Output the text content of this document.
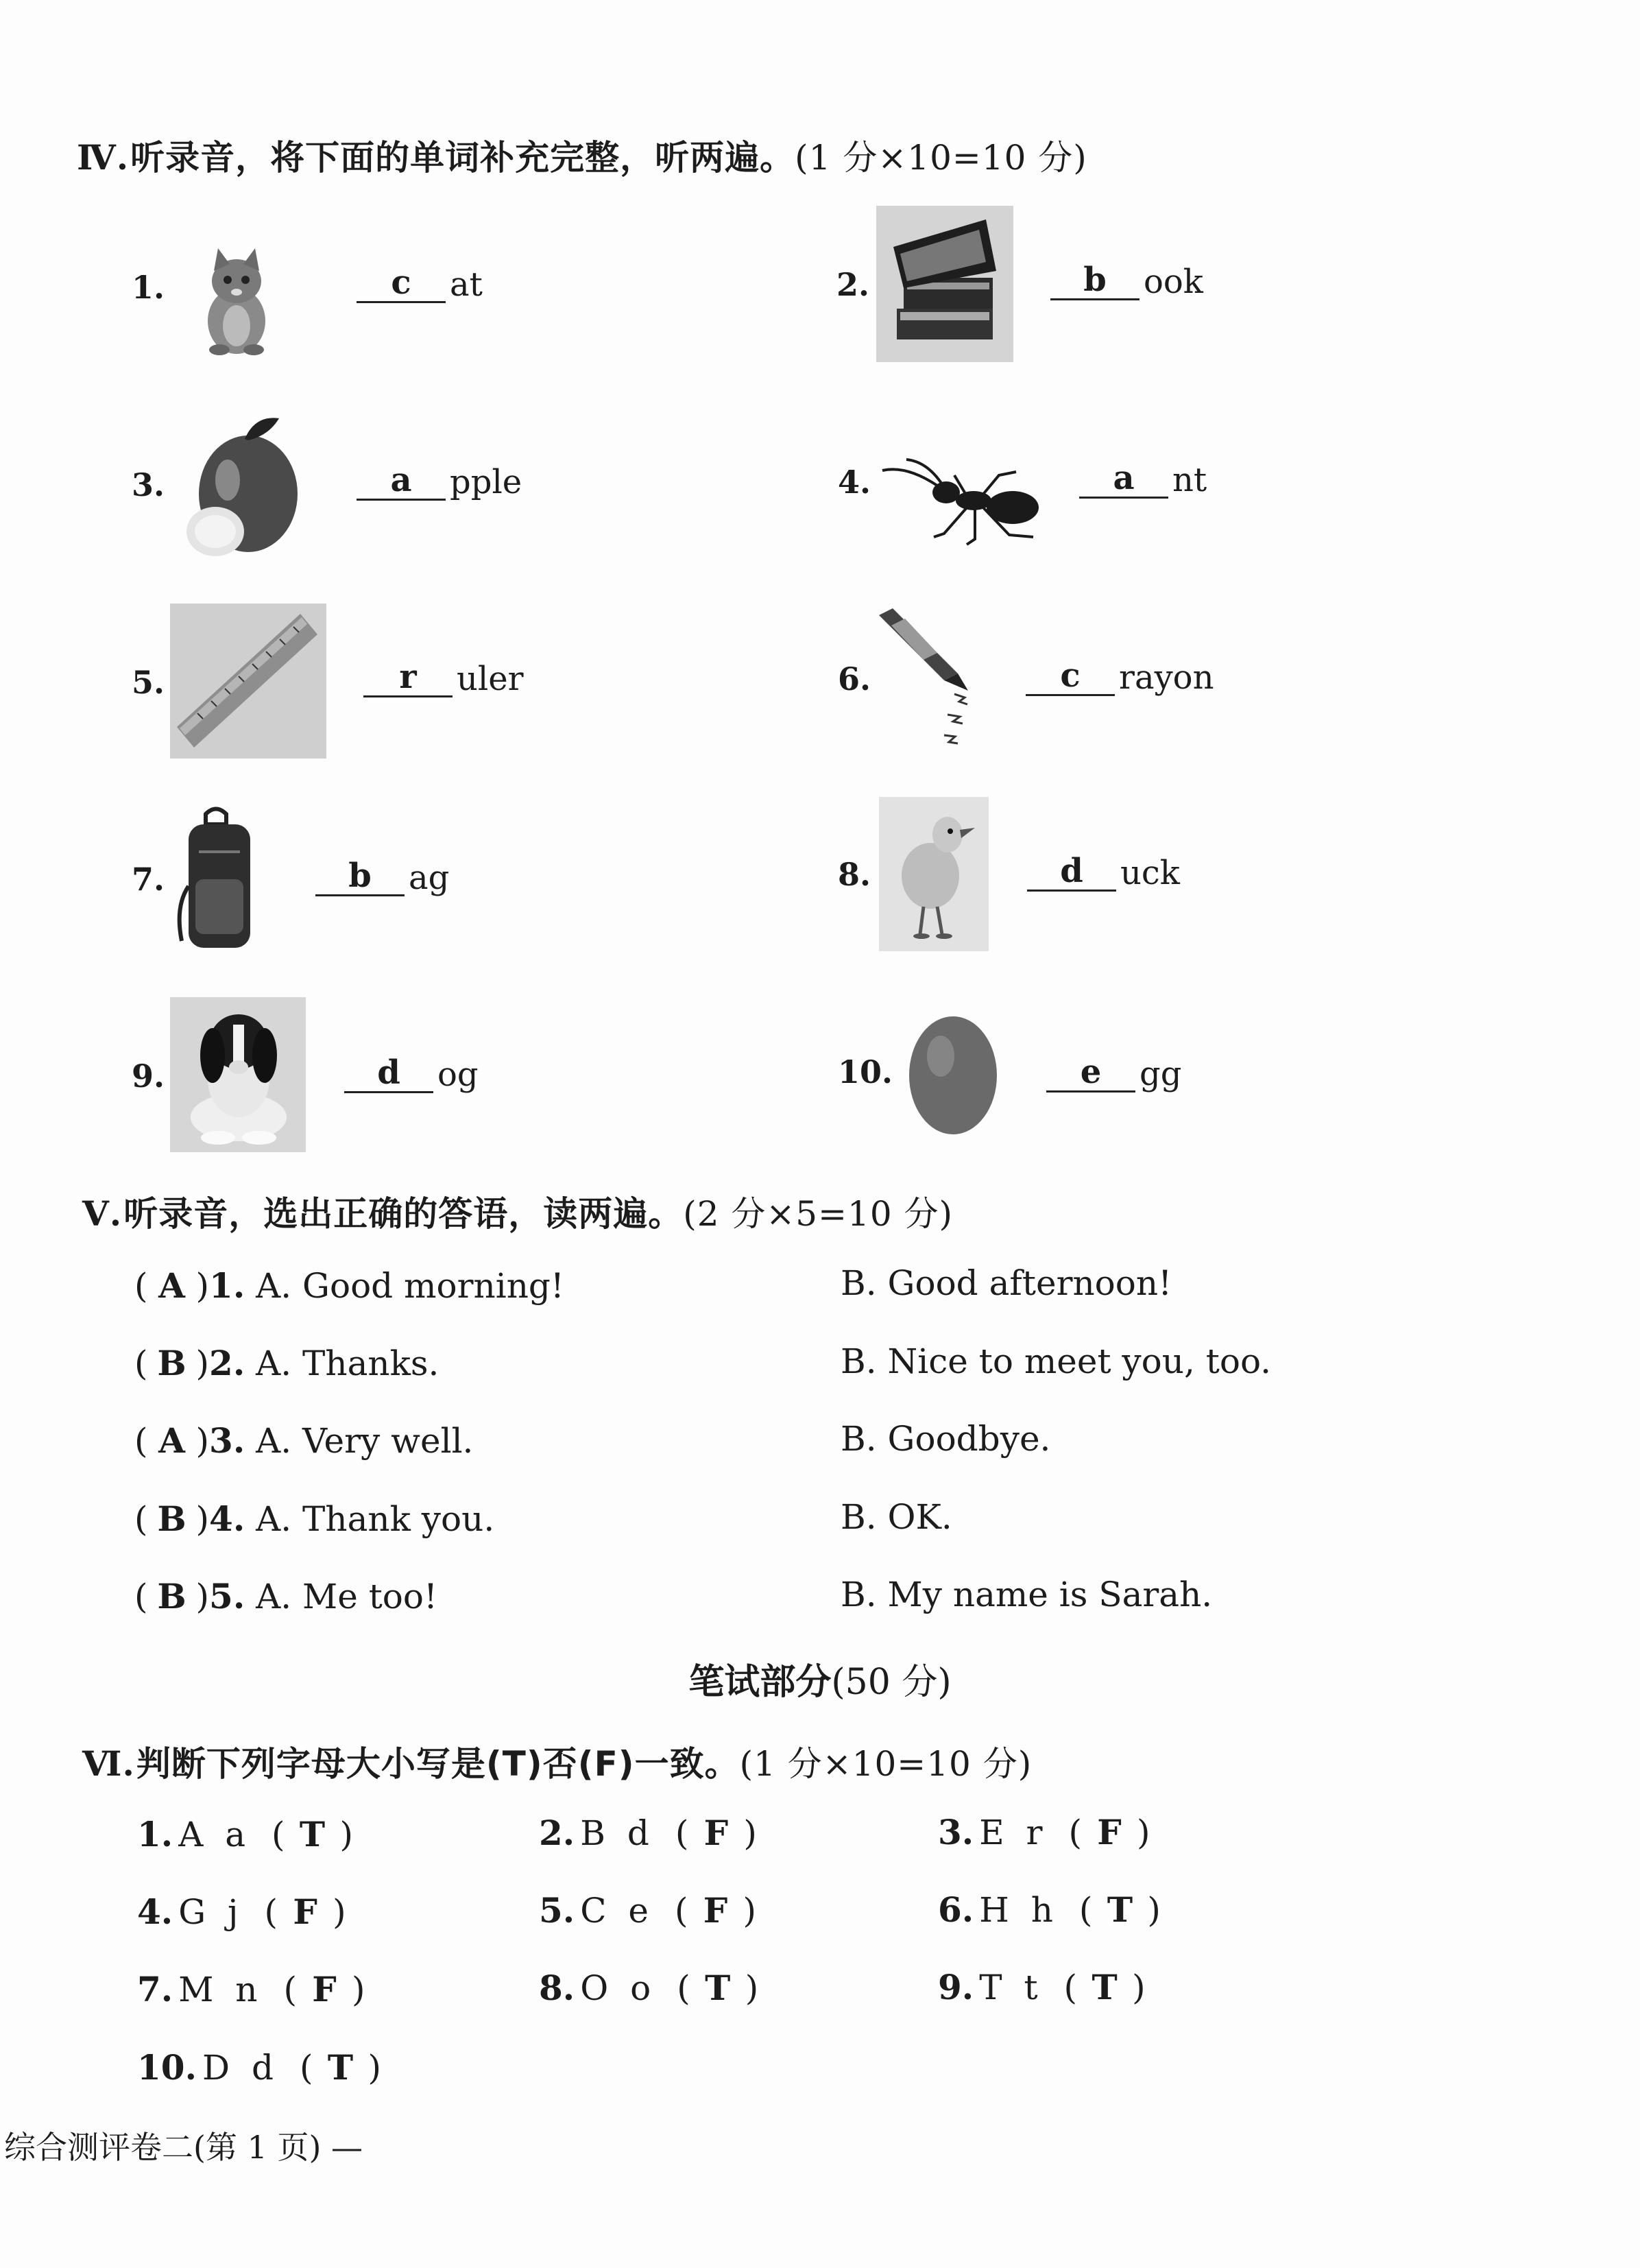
Ⅳ.听录音，将下面的单词补充完整，听两遍。(1 分×10=10 分)
1.	c	at	2.	b	ook
3.	a	pple	4.	a	nt
5.	r	uler	6.	c	rayon
7.	b	ag	8.	d	uck
9.	d	og	10.	e	gg
Ⅴ.听录音，选出正确的答语，读两遍。(2 分×5=10 分)
( A )1. A. Good morning!	B. Good afternoon!
( B )2. A. Thanks.	B. Nice to meet you, too.
( A )3. A. Very well.	B. Goodbye.
( B )4. A. Thank you.	B. OK.
( B )5. A. Me too!	B. My name is Sarah.
笔试部分(50 分)
Ⅵ.判断下列字母大小写是(T)否(F)一致。(1 分×10=10 分)
1. A a ( T )	2. B d ( F )	3. E r ( F )
4. G j ( F )	5. C e ( F )	6. H h ( T )
7. M n ( F )	8. O o ( T )	9. T t ( T )
10. D d ( T )
综合测评卷二(第 1 页) —
